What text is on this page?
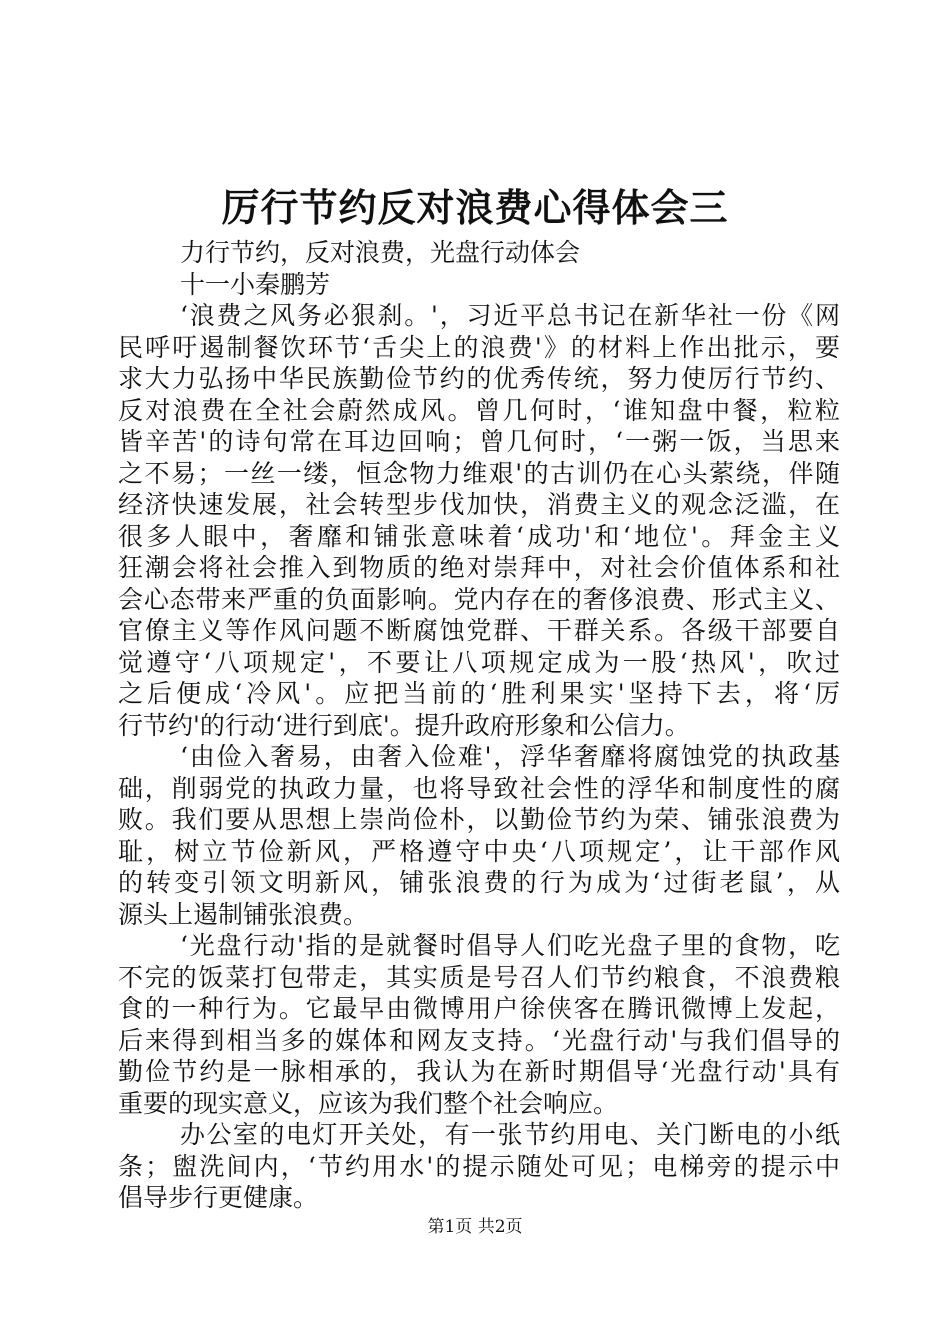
厉行节约反对浪费心得体会三
力行节约，反对浪费，光盘行动体会
十一小秦鹏芳
‘浪费之风务必狠刹。'，习近平总书记在新华社一份《网
民呼吁遏制餐饮环节‘舌尖上的浪费'》的材料上作出批示，要
求大力弘扬中华民族勤俭节约的优秀传统，努力使厉行节约、
反对浪费在全社会蔚然成风。曾几何时，‘谁知盘中餐，粒粒
皆辛苦'的诗句常在耳边回响；曾几何时，‘一粥一饭，当思来
之不易；一丝一缕，恒念物力维艰'的古训仍在心头萦绕，伴随
经济快速发展，社会转型步伐加快，消费主义的观念泛滥，在
很多人眼中，奢靡和铺张意味着‘成功'和‘地位'。拜金主义
狂潮会将社会推入到物质的绝对崇拜中，对社会价值体系和社
会心态带来严重的负面影响。党内存在的奢侈浪费、形式主义、
官僚主义等作风问题不断腐蚀党群、干群关系。各级干部要自
觉遵守‘八项规定'，不要让八项规定成为一股‘热风'，吹过
之后便成‘冷风'。应把当前的‘胜利果实'坚持下去，将‘厉
行节约'的行动‘进行到底'。提升政府形象和公信力。
‘由俭入奢易，由奢入俭难'，浮华奢靡将腐蚀党的执政基
础，削弱党的执政力量，也将导致社会性的浮华和制度性的腐
败。我们要从思想上崇尚俭朴，以勤俭节约为荣、铺张浪费为
耻，树立节俭新风，严格遵守中央‘八项规定’，让干部作风
的转变引领文明新风，铺张浪费的行为成为‘过街老鼠’，从
源头上遏制铺张浪费。
‘光盘行动'指的是就餐时倡导人们吃光盘子里的食物，吃
不完的饭菜打包带走，其实质是号召人们节约粮食，不浪费粮
食的一种行为。它最早由微博用户徐侠客在腾讯微博上发起，
后来得到相当多的媒体和网友支持。‘光盘行动'与我们倡导的
勤俭节约是一脉相承的，我认为在新时期倡导‘光盘行动'具有
重要的现实意义，应该为我们整个社会响应。
办公室的电灯开关处，有一张节约用电、关门断电的小纸
条；盥洗间内，‘节约用水'的提示随处可见；电梯旁的提示中
倡导步行更健康。
第1页 共2页
